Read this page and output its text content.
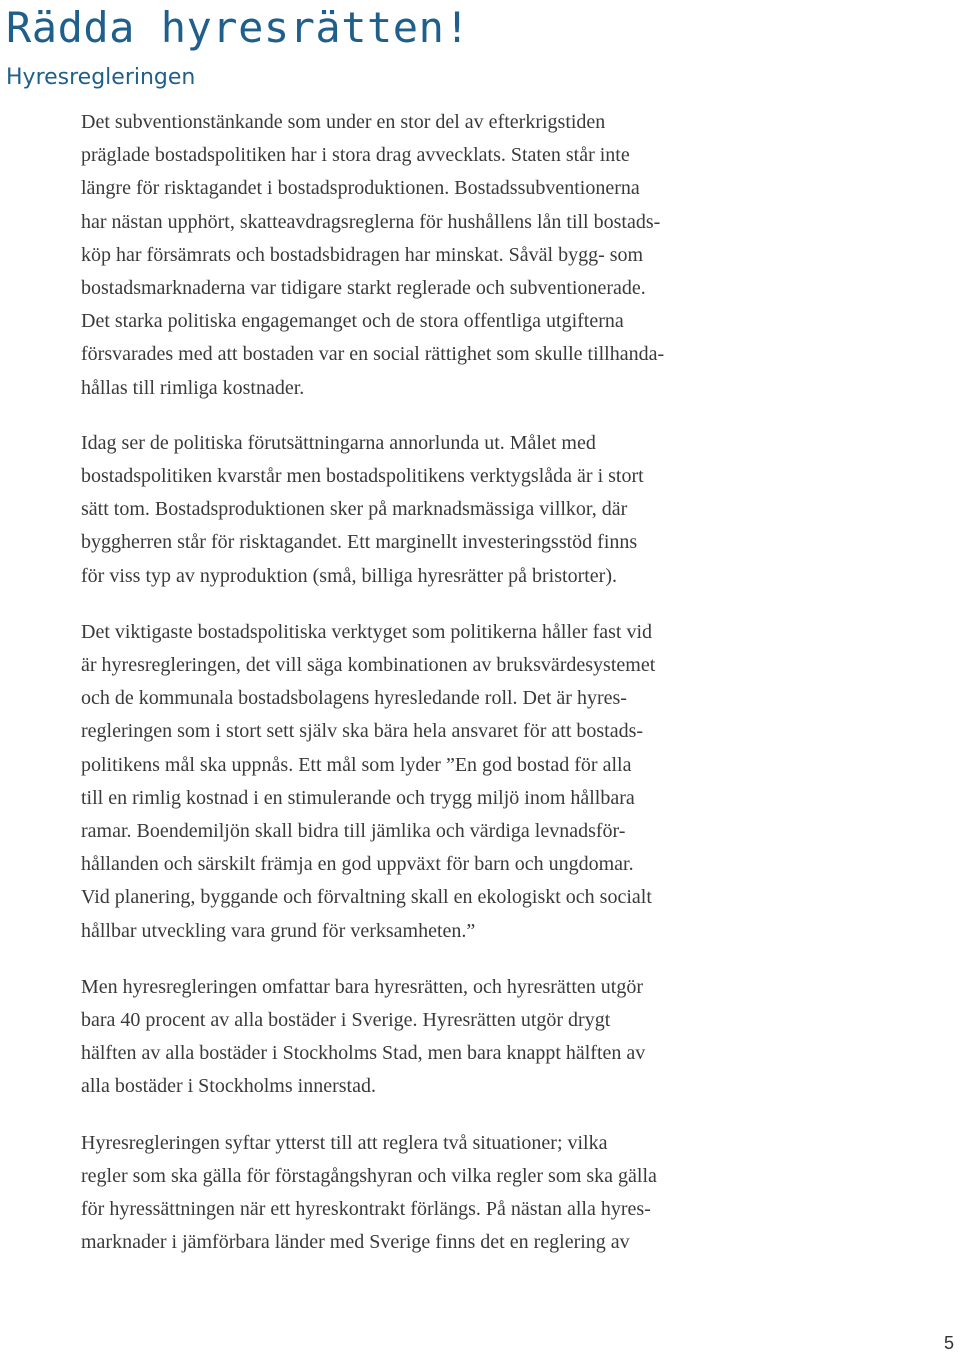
Rädda hyresrätten!
Hyresregleringen

Det subventionstänkande som under en stor del av efterkrigstiden
präglade bostadspolitiken har i stora drag avvecklats. Staten står inte
längre för risktagandet i bostadsproduktionen. Bostadssubventionerna
har nästan upphört, skatteavdragsreglerna för hushållens lån till bostads-
köp har försämrats och bostadsbidragen har minskat. Såväl bygg- som
bostadsmarknaderna var tidigare starkt reglerade och subventionerade.
Det starka politiska engagemanget och de stora offentliga utgifterna
försvarades med att bostaden var en social rättighet som skulle tillhanda-
hållas till rimliga kostnader.

Idag ser de politiska förutsättningarna annorlunda ut. Målet med
bostadspolitiken kvarstår men bostadspolitikens verktygslåda är i stort
sätt tom. Bostadsproduktionen sker på marknadsmässiga villkor, där
byggherren står för risktagandet. Ett marginellt investeringsstöd finns
för viss typ av nyproduktion (små, billiga hyresrätter på bristorter).

Det viktigaste bostadspolitiska verktyget som politikerna håller fast vid
är hyresregleringen, det vill säga kombinationen av bruksvärdesystemet
och de kommunala bostadsbolagens hyresledande roll. Det är hyres-
regleringen som i stort sett själv ska bära hela ansvaret för att bostads-
politikens mål ska uppnås. Ett mål som lyder ”En god bostad för alla
till en rimlig kostnad i en stimulerande och trygg miljö inom hållbara
ramar. Boendemiljön skall bidra till jämlika och värdiga levnadsför-
hållanden och särskilt främja en god uppväxt för barn och ungdomar.
Vid planering, byggande och förvaltning skall en ekologiskt och socialt
hållbar utveckling vara grund för verksamheten.”

Men hyresregleringen omfattar bara hyresrätten, och hyresrätten utgör
bara 40 procent av alla bostäder i Sverige. Hyresrätten utgör drygt
hälften av alla bostäder i Stockholms Stad, men bara knappt hälften av
alla bostäder i Stockholms innerstad.

Hyresregleringen syftar ytterst till att reglera två situationer; vilka
regler som ska gälla för förstagångshyran och vilka regler som ska gälla
för hyressättningen när ett hyreskontrakt förlängs. På nästan alla hyres-
marknader i jämförbara länder med Sverige finns det en reglering av

5
